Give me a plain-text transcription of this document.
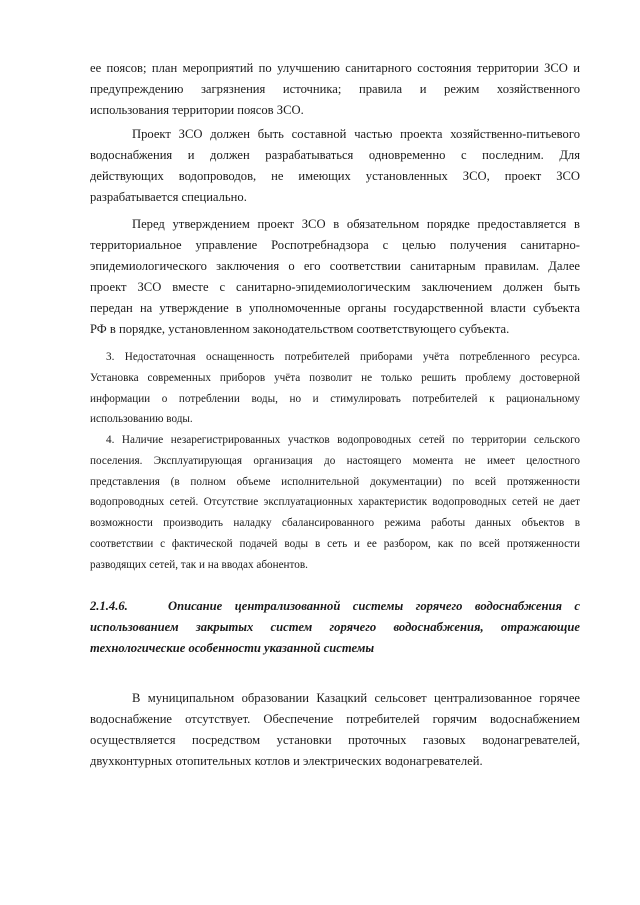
ее поясов; план мероприятий по улучшению санитарного состояния территории ЗСО и
предупреждению загрязнения источника; правила и режим хозяйственного
использования территории поясов ЗСО.
Проект ЗСО должен быть составной частью проекта хозяйственно-питьевого
водоснабжения и должен разрабатываться одновременно с последним. Для
действующих водопроводов, не имеющих установленных ЗСО, проект ЗСО
разрабатывается специально.
Перед утверждением проект ЗСО в обязательном порядке предоставляется в
территориальное управление Роспотребнадзора с целью получения санитарно-
эпидемиологического заключения о его соответствии санитарным правилам. Далее
проект ЗСО вместе с санитарно-эпидемиологическим заключением должен быть
передан на утверждение в уполномоченные органы государственной власти субъекта
РФ в порядке, установленном законодательством соответствующего субъекта.
3. Недостаточная оснащенность потребителей приборами учёта потребленного ресурса.
Установка современных приборов учёта позволит не только решить проблему достоверной
информации о потреблении воды, но и стимулировать потребителей к рациональному
использованию воды.
4. Наличие незарегистрированных участков водопроводных сетей по территории сельского
поселения. Эксплуатирующая организация до настоящего момента не имеет целостного
представления (в полном объеме исполнительной документации) по всей протяженности
водопроводных сетей. Отсутствие эксплуатационных характеристик водопроводных сетей не дает
возможности производить наладку сбалансированного режима работы данных объектов в
соответствии с фактической подачей воды в сеть и ее разбором, как по всей протяженности
разводящих сетей, так и на вводах абонентов.
2.1.4.6.	Описание централизованной системы горячего водоснабжения с
использованием закрытых систем горячего водоснабжения, отражающие
технологические особенности указанной системы
В муниципальном образовании Казацкий сельсовет централизованное горячее
водоснабжение отсутствует. Обеспечение потребителей горячим водоснабжением
осуществляется посредством установки проточных газовых водонагревателей,
двухконтурных отопительных котлов и электрических водонагревателей.
